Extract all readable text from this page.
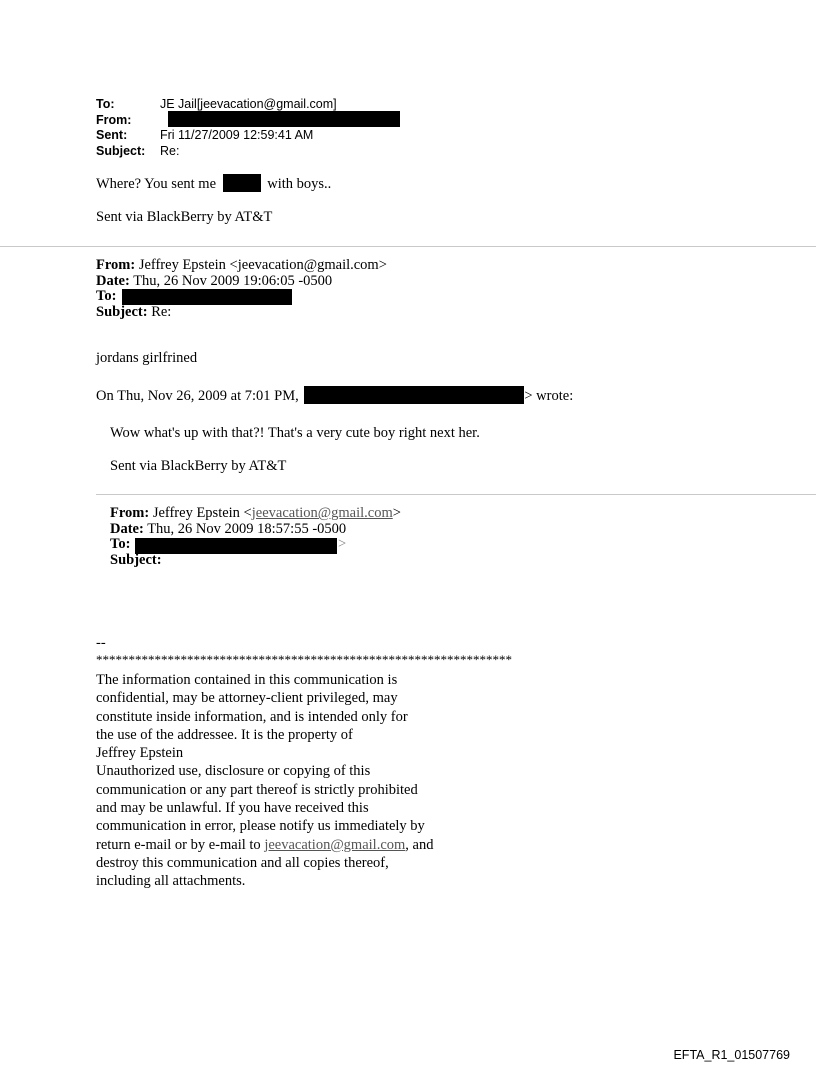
To:	JE Jail[jeevacation@gmail.com]
From:
Sent:	Fri 11/27/2009 12:59:41 AM
Subject: Re:
Where? You sent me	with boys..
Sent via BlackBerry by AT&T
From: Jeffrey Epstein <jeevacation@gmail.com>
Date: Thu, 26 Nov 2009 19:06:05 -0500
To:
Subject: Re:
jordans girlfrined
On Thu, Nov 26, 2009 at 7:01 PM,	> wrote:
Wow what's up with that?! That's a very cute boy right next her.
Sent via BlackBerry by AT&T
From: Jeffrey Epstein <jeevacation@gmail.com>
Date: Thu, 26 Nov 2009 18:57:55 -0500
To:	>
Subject:
--
****************************************************************
The information contained in this communication is
confidential, may be attorney-client privileged, may
constitute inside information, and is intended only for
the use of the addressee. It is the property of
Jeffrey Epstein
Unauthorized use, disclosure or copying of this
communication or any part thereof is strictly prohibited
and may be unlawful. If you have received this
communication in error, please notify us immediately by
return e-mail or by e-mail to jeevacation@gmail.com, and
destroy this communication and all copies thereof,
including all attachments.
EFTA_R1_01507769
